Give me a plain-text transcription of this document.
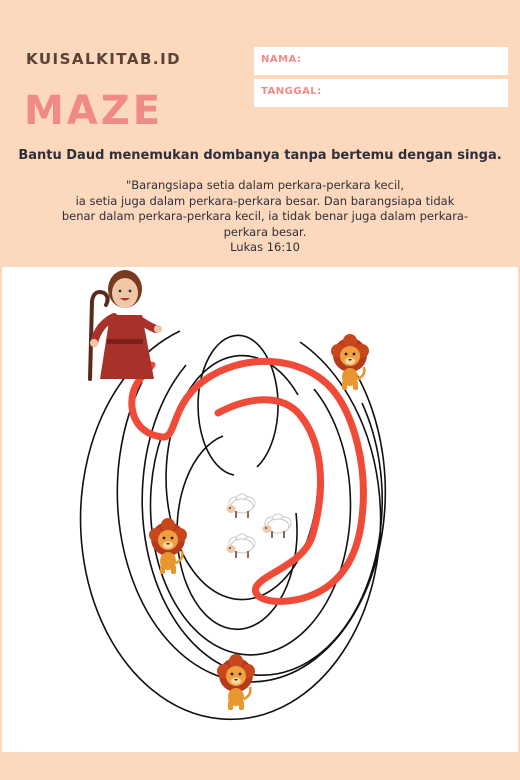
KUISALKITAB.ID
MAZE
NAMA:
TANGGAL:
Bantu Daud menemukan dombanya tanpa bertemu dengan singa.
"Barangsiapa setia dalam perkara-perkara kecil,
ia setia juga dalam perkara-perkara besar. Dan barangsiapa tidak
benar dalam perkara-perkara kecil, ia tidak benar juga dalam perkara-
perkara besar.
Lukas 16:10
